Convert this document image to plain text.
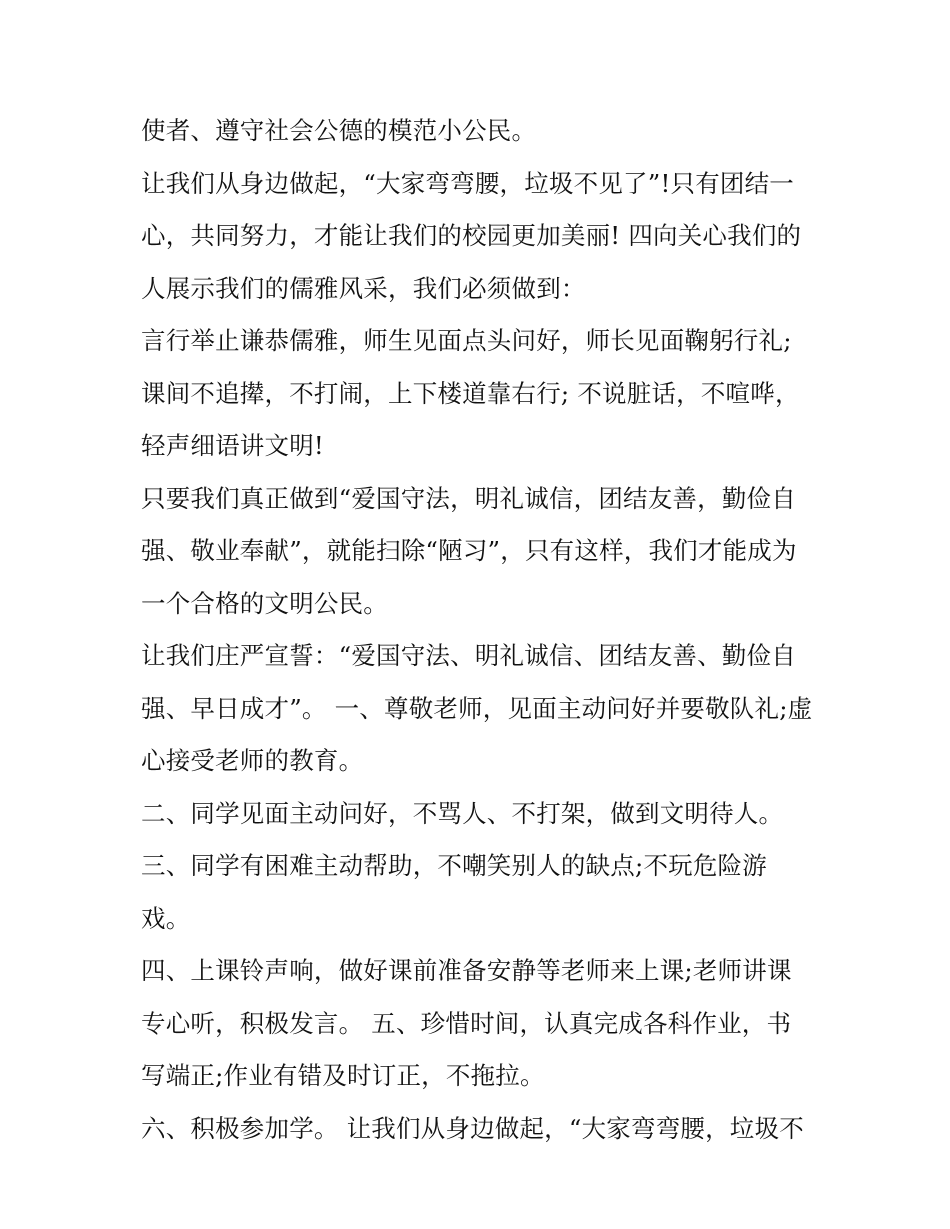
使者、遵守社会公德的模范小公民。
让我们从身边做起，“大家弯弯腰，垃圾不见了”!只有团结一
心，共同努力，才能让我们的校园更加美丽! 四向关心我们的
人展示我们的儒雅风采，我们必须做到：
言行举止谦恭儒雅，师生见面点头问好，师长见面鞠躬行礼;
课间不追撵，不打闹，上下楼道靠右行; 不说脏话，不喧哗，
轻声细语讲文明!
只要我们真正做到“爱国守法，明礼诚信，团结友善，勤俭自
强、敬业奉献”，就能扫除“陋习”，只有这样，我们才能成为
一个合格的文明公民。
让我们庄严宣誓：“爱国守法、明礼诚信、团结友善、勤俭自
强、早日成才”。 一、尊敬老师，见面主动问好并要敬队礼;虚
心接受老师的教育。
二、同学见面主动问好，不骂人、不打架，做到文明待人。
三、同学有困难主动帮助，不嘲笑别人的缺点;不玩危险游
戏。
四、上课铃声响，做好课前准备安静等老师来上课;老师讲课
专心听，积极发言。 五、珍惜时间，认真完成各科作业，书
写端正;作业有错及时订正，不拖拉。
六、积极参加学。 让我们从身边做起，“大家弯弯腰，垃圾不
